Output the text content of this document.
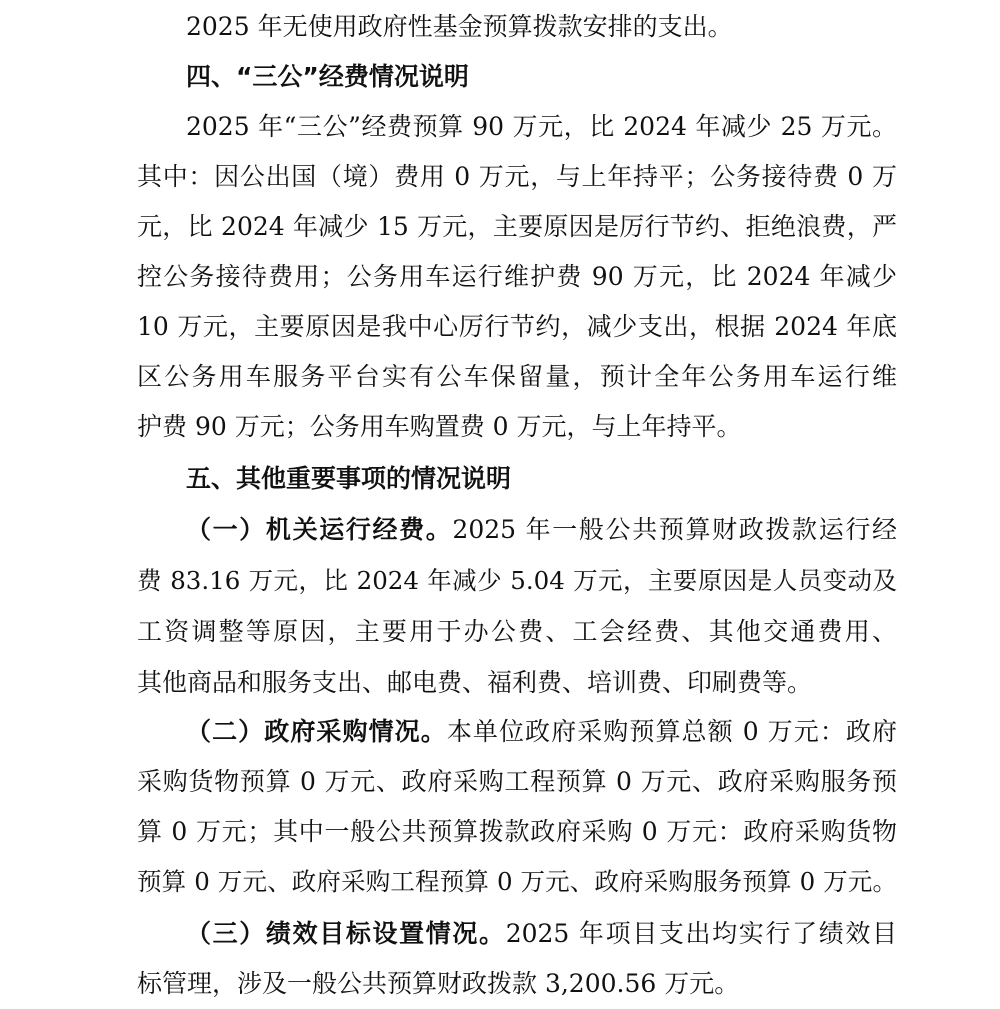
2025 年无使用政府性基金预算拨款安排的支出。
四、“三公”经费情况说明
2025 年“三公”经费预算 90 万元，比 2024 年减少 25 万元。
其中：因公出国（境）费用 0 万元，与上年持平；公务接待费 0 万
元，比 2024 年减少 15 万元，主要原因是厉行节约、拒绝浪费，严
控公务接待费用；公务用车运行维护费 90 万元，比 2024 年减少
10 万元，主要原因是我中心厉行节约，减少支出，根据 2024 年底
区公务用车服务平台实有公车保留量，预计全年公务用车运行维
护费 90 万元；公务用车购置费 0 万元，与上年持平。
五、其他重要事项的情况说明
（一）机关运行经费。2025 年一般公共预算财政拨款运行经
费 83.16 万元，比 2024 年减少 5.04 万元，主要原因是人员变动及
工资调整等原因，主要用于办公费、工会经费、其他交通费用、
其他商品和服务支出、邮电费、福利费、培训费、印刷费等。
（二）政府采购情况。本单位政府采购预算总额 0 万元：政府
采购货物预算 0 万元、政府采购工程预算 0 万元、政府采购服务预
算 0 万元；其中一般公共预算拨款政府采购 0 万元：政府采购货物
预算 0 万元、政府采购工程预算 0 万元、政府采购服务预算 0 万元。
（三）绩效目标设置情况。2025 年项目支出均实行了绩效目
标管理，涉及一般公共预算财政拨款 3,200.56 万元。
